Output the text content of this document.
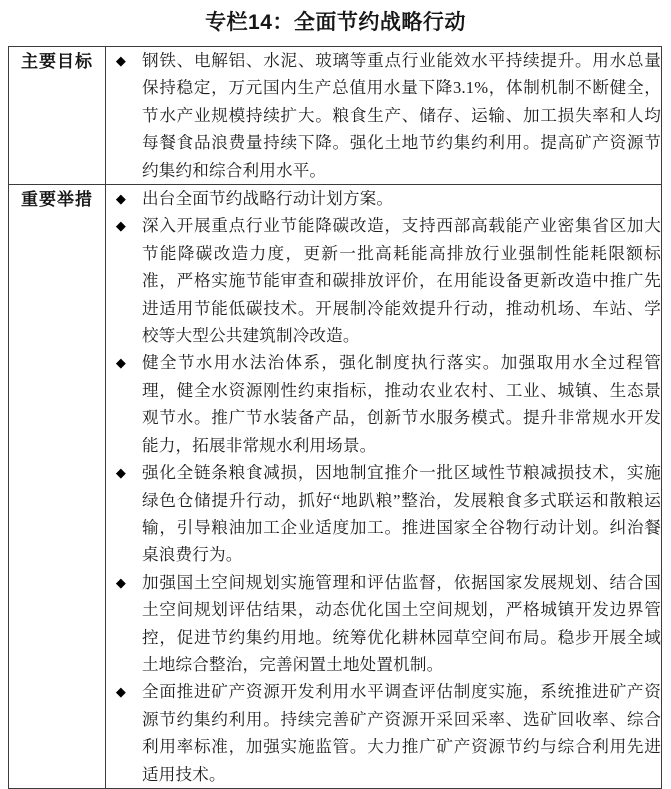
专栏14：全面节约战略行动
主要目标	◆ 钢铁、电解铝、水泥、玻璃等重点行业能效水平持续提升。用水总量保持稳定，万元国内生产总值用水量下降3.1%，体制机制不断健全，节水产业规模持续扩大。粮食生产、储存、运输、加工损失率和人均每餐食品浪费量持续下降。强化土地节约集约利用。提高矿产资源节约集约和综合利用水平。

重要举措	◆ 出台全面节约战略行动计划方案。
◆ 深入开展重点行业节能降碳改造，支持西部高载能产业密集省区加大节能降碳改造力度，更新一批高耗能高排放行业强制性能耗限额标准，严格实施节能审查和碳排放评价，在用能设备更新改造中推广先进适用节能低碳技术。开展制冷能效提升行动，推动机场、车站、学校等大型公共建筑制冷改造。
◆ 健全节水用水法治体系，强化制度执行落实。加强取用水全过程管理，健全水资源刚性约束指标，推动农业农村、工业、城镇、生态景观节水。推广节水装备产品，创新节水服务模式。提升非常规水开发能力，拓展非常规水利用场景。
◆ 强化全链条粮食减损，因地制宜推介一批区域性节粮减损技术，实施绿色仓储提升行动，抓好“地趴粮”整治，发展粮食多式联运和散粮运输，引导粮油加工企业适度加工。推进国家全谷物行动计划。纠治餐桌浪费行为。
◆ 加强国土空间规划实施管理和评估监督，依据国家发展规划、结合国土空间规划评估结果，动态优化国土空间规划，严格城镇开发边界管控，促进节约集约用地。统筹优化耕林园草空间布局。稳步开展全域土地综合整治，完善闲置土地处置机制。
◆ 全面推进矿产资源开发利用水平调查评估制度实施，系统推进矿产资源节约集约利用。持续完善矿产资源开采回采率、选矿回收率、综合利用率标准，加强实施监管。大力推广矿产资源节约与综合利用先进适用技术。
